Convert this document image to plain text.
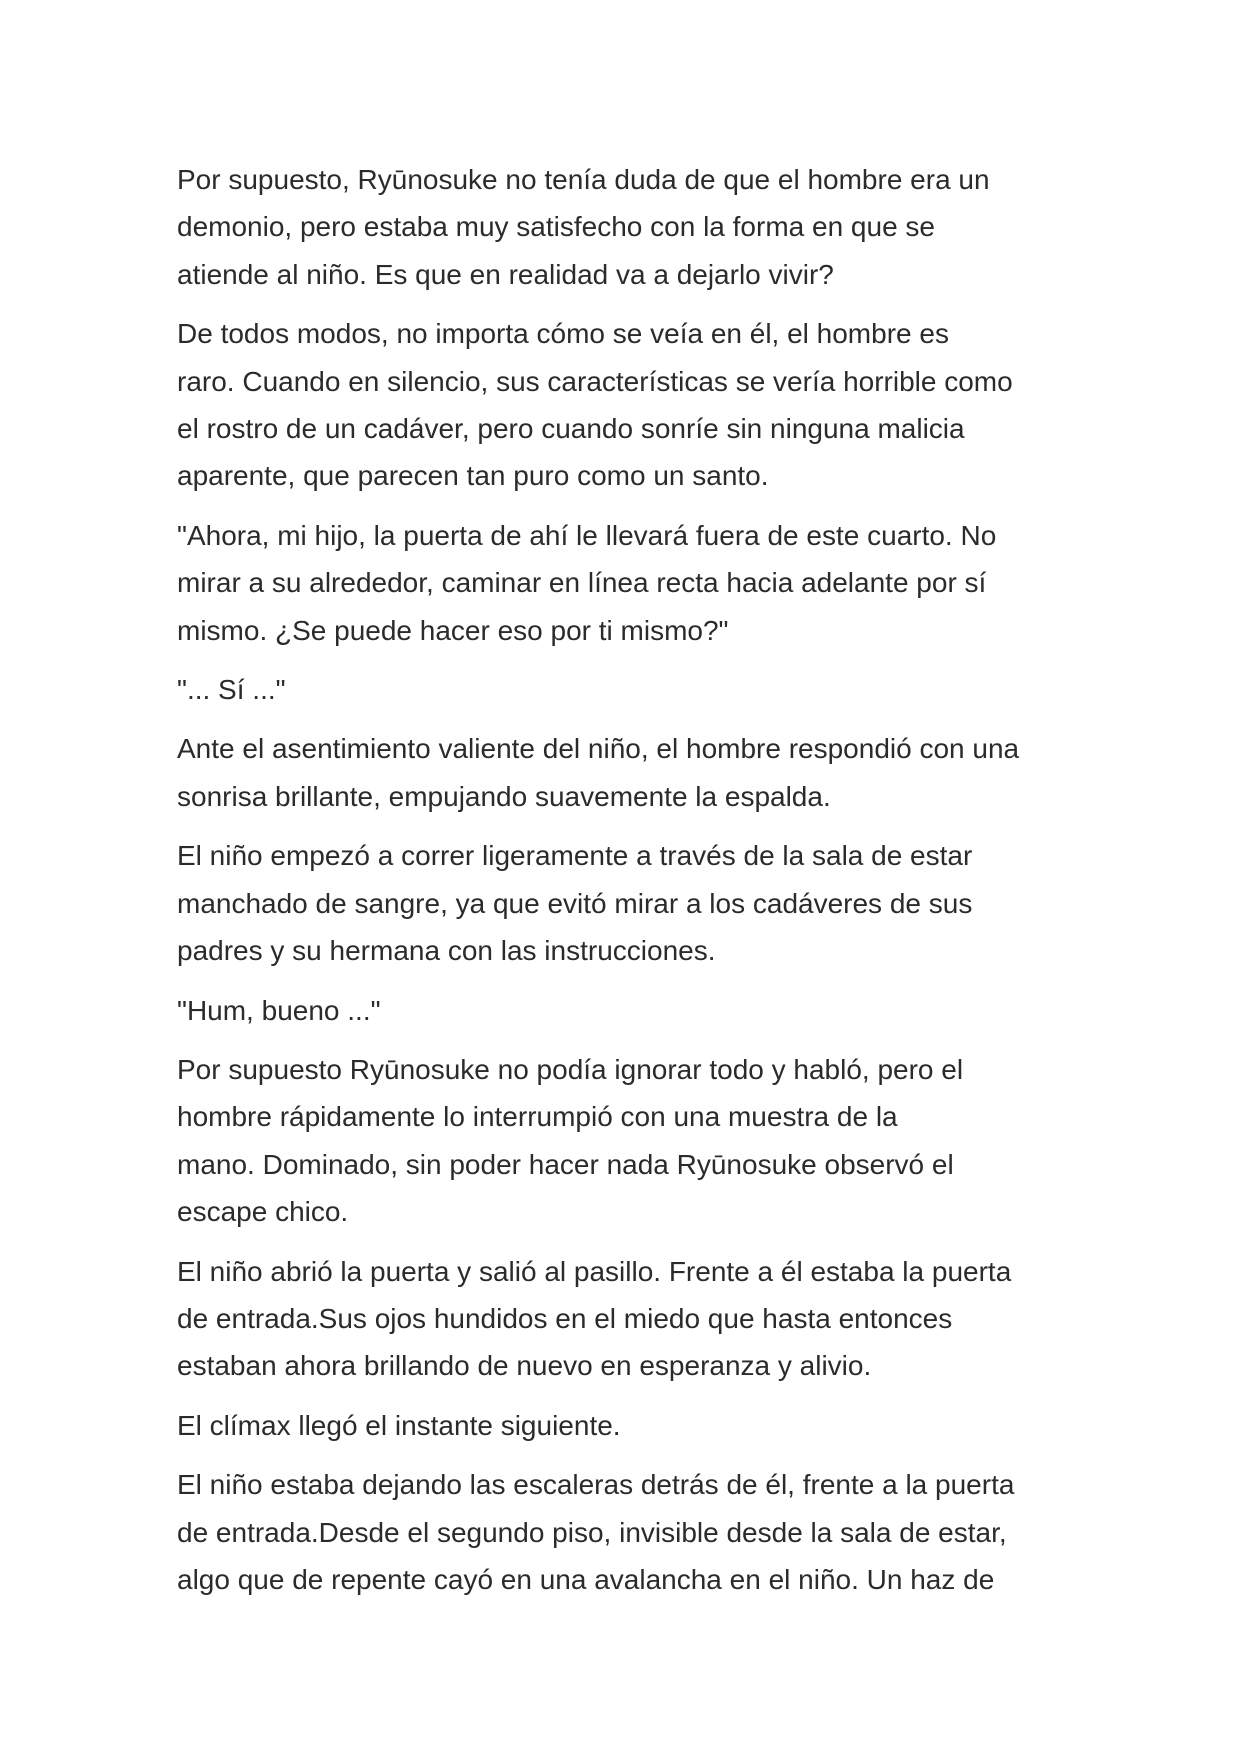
Por supuesto, Ryūnosuke no tenía duda de que el hombre era un
demonio, pero estaba muy satisfecho con la forma en que se
atiende al niño. Es que en realidad va a dejarlo vivir?

De todos modos, no importa cómo se veía en él, el hombre es
raro. Cuando en silencio, sus características se vería horrible como
el rostro de un cadáver, pero cuando sonríe sin ninguna malicia
aparente, que parecen tan puro como un santo.

"Ahora, mi hijo, la puerta de ahí le llevará fuera de este cuarto. No
mirar a su alrededor, caminar en línea recta hacia adelante por sí
mismo. ¿Se puede hacer eso por ti mismo?"

"... Sí ..."

Ante el asentimiento valiente del niño, el hombre respondió con una
sonrisa brillante, empujando suavemente la espalda.

El niño empezó a correr ligeramente a través de la sala de estar
manchado de sangre, ya que evitó mirar a los cadáveres de sus
padres y su hermana con las instrucciones.

"Hum, bueno ..."

Por supuesto Ryūnosuke no podía ignorar todo y habló, pero el
hombre rápidamente lo interrumpió con una muestra de la
mano. Dominado, sin poder hacer nada Ryūnosuke observó el
escape chico.

El niño abrió la puerta y salió al pasillo. Frente a él estaba la puerta
de entrada.Sus ojos hundidos en el miedo que hasta entonces
estaban ahora brillando de nuevo en esperanza y alivio.

El clímax llegó el instante siguiente.

El niño estaba dejando las escaleras detrás de él, frente a la puerta
de entrada.Desde el segundo piso, invisible desde la sala de estar,
algo que de repente cayó en una avalancha en el niño. Un haz de
